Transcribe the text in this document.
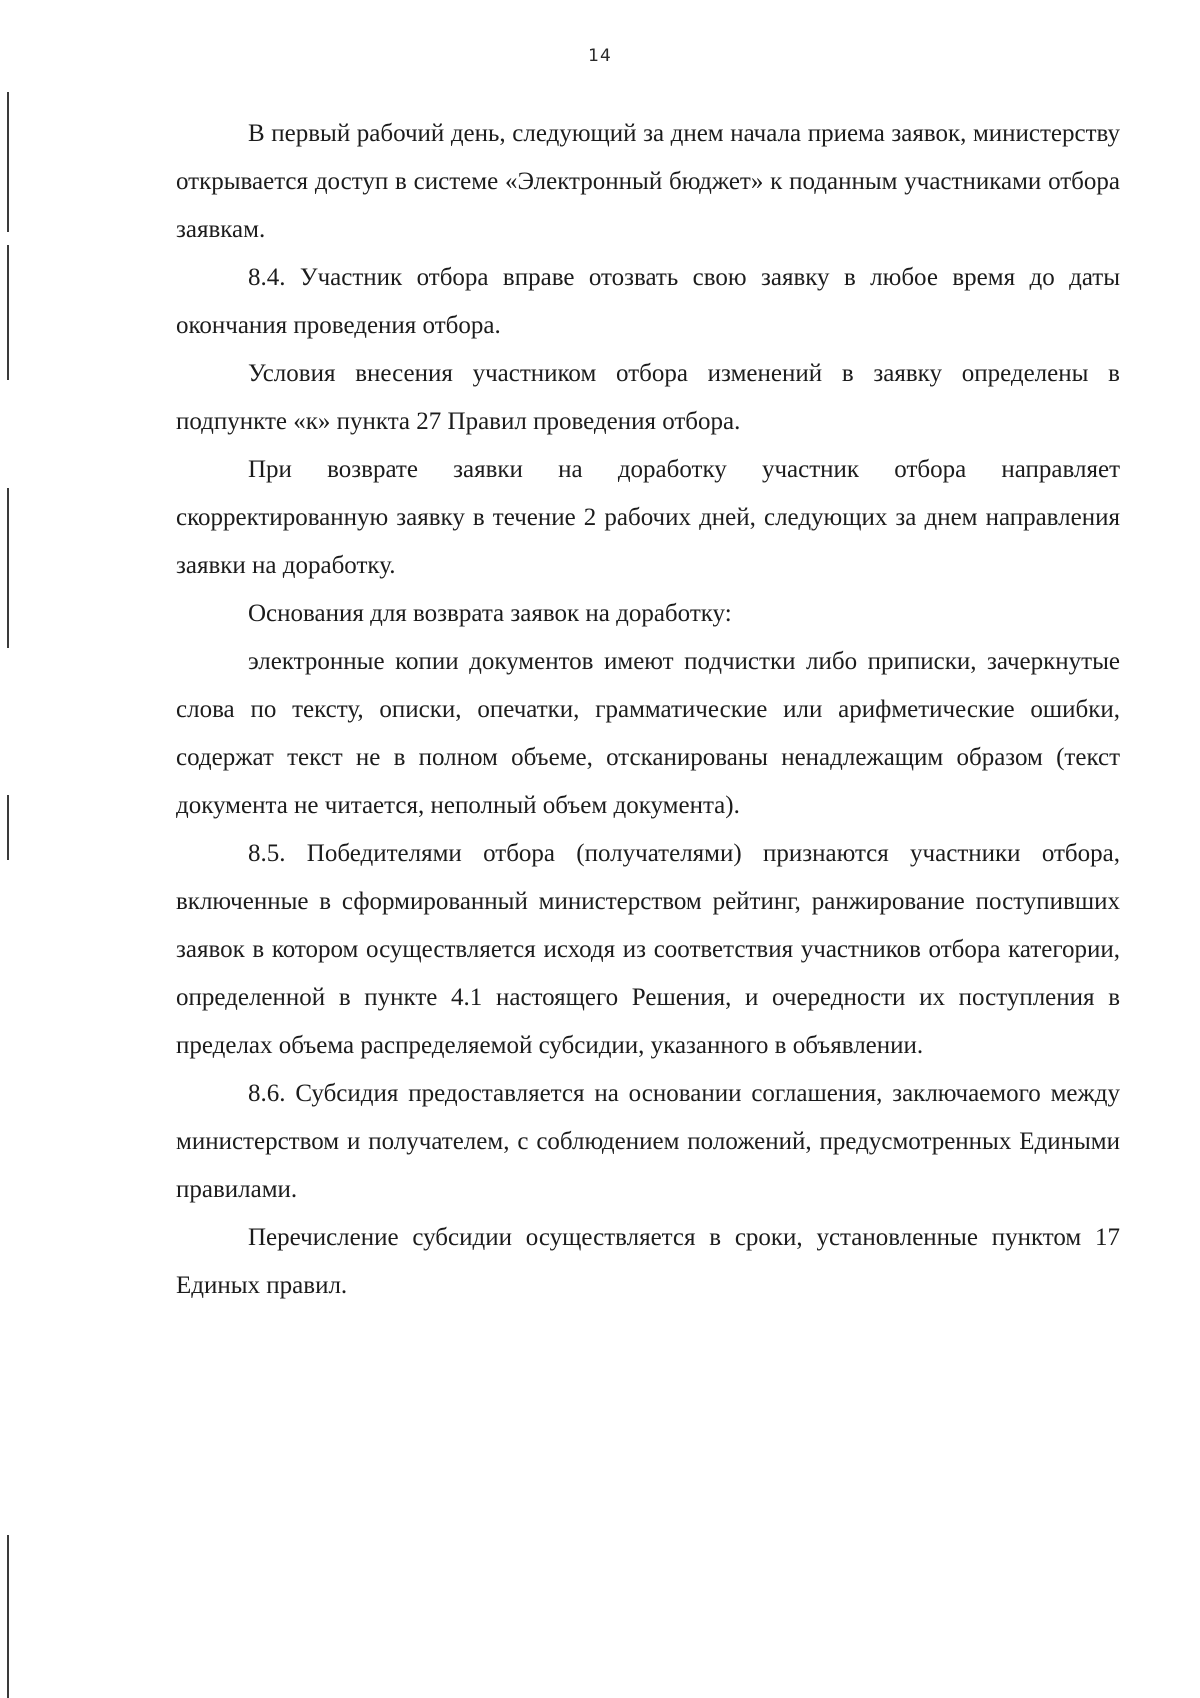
14

В первый рабочий день, следующий за днем начала приема заявок, министерству открывается доступ в системе «Электронный бюджет» к поданным участниками отбора заявкам.

8.4. Участник отбора вправе отозвать свою заявку в любое время до даты окончания проведения отбора.

Условия внесения участником отбора изменений в заявку определены в подпункте «к» пункта 27 Правил проведения отбора.

При возврате заявки на доработку участник отбора направляет скорректированную заявку в течение 2 рабочих дней, следующих за днем направления заявки на доработку.

Основания для возврата заявок на доработку:

электронные копии документов имеют подчистки либо приписки, зачеркнутые слова по тексту, описки, опечатки, грамматические или арифметические ошибки, содержат текст не в полном объеме, отсканированы ненадлежащим образом (текст документа не читается, неполный объем документа).

8.5. Победителями отбора (получателями) признаются участники отбора, включенные в сформированный министерством рейтинг, ранжирование поступивших заявок в котором осуществляется исходя из соответствия участников отбора категории, определенной в пункте 4.1 настоящего Решения, и очередности их поступления в пределах объема распределяемой субсидии, указанного в объявлении.

8.6. Субсидия предоставляется на основании соглашения, заключаемого между министерством и получателем, с соблюдением положений, предусмотренных Едиными правилами.

Перечисление субсидии осуществляется в сроки, установленные пунктом 17 Единых правил.
